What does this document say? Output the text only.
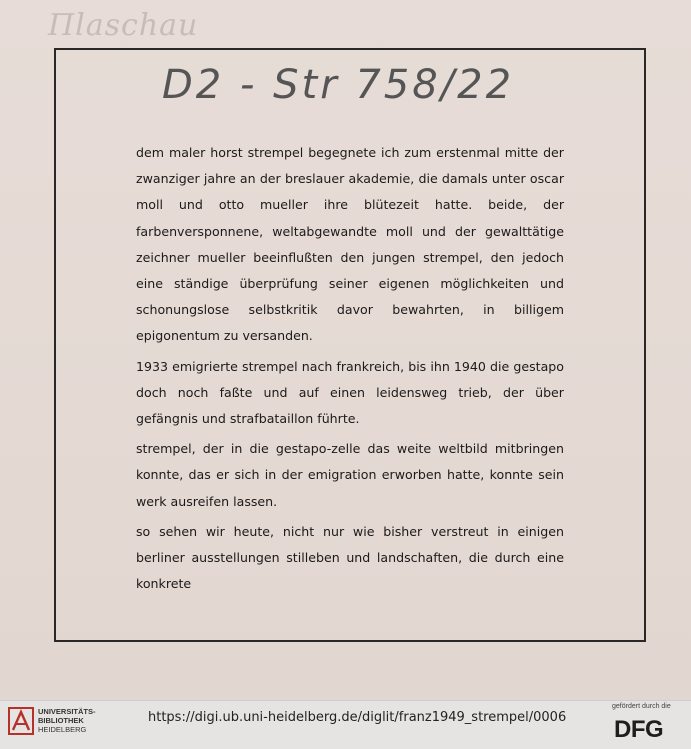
Пlasсhau
D2 - Str 758/22

dem maler horst strempel begegnete ich zum erstenmal mitte der zwanziger jahre an der breslauer akademie, die damals unter oscar moll und otto mueller ihre blütezeit hatte. beide, der farbenversponnene, weltabgewandte moll und der gewalttätige zeichner mueller beeinflußten den jungen strempel, den jedoch eine ständige überprüfung seiner eigenen möglichkeiten und schonungslose selbstkritik davor bewahrten, in billigem epigonentum zu versanden.

1933 emigrierte strempel nach frankreich, bis ihn 1940 die gestapo doch noch faßte und auf einen leidensweg trieb, der über gefängnis und strafbataillon führte.

strempel, der in die gestapo-zelle das weite weltbild mitbringen konnte, das er sich in der emigration erworben hatte, konnte sein werk ausreifen lassen.

so sehen wir heute, nicht nur wie bisher verstreut in einigen berliner ausstellungen stilleben und landschaften, die durch eine konkrete

UNIVERSITÄTS-
BIBLIOTHEK
HEIDELBERG
https://digi.ub.uni-heidelberg.de/diglit/franz1949_strempel/0006
gefördert durch die
DFG
